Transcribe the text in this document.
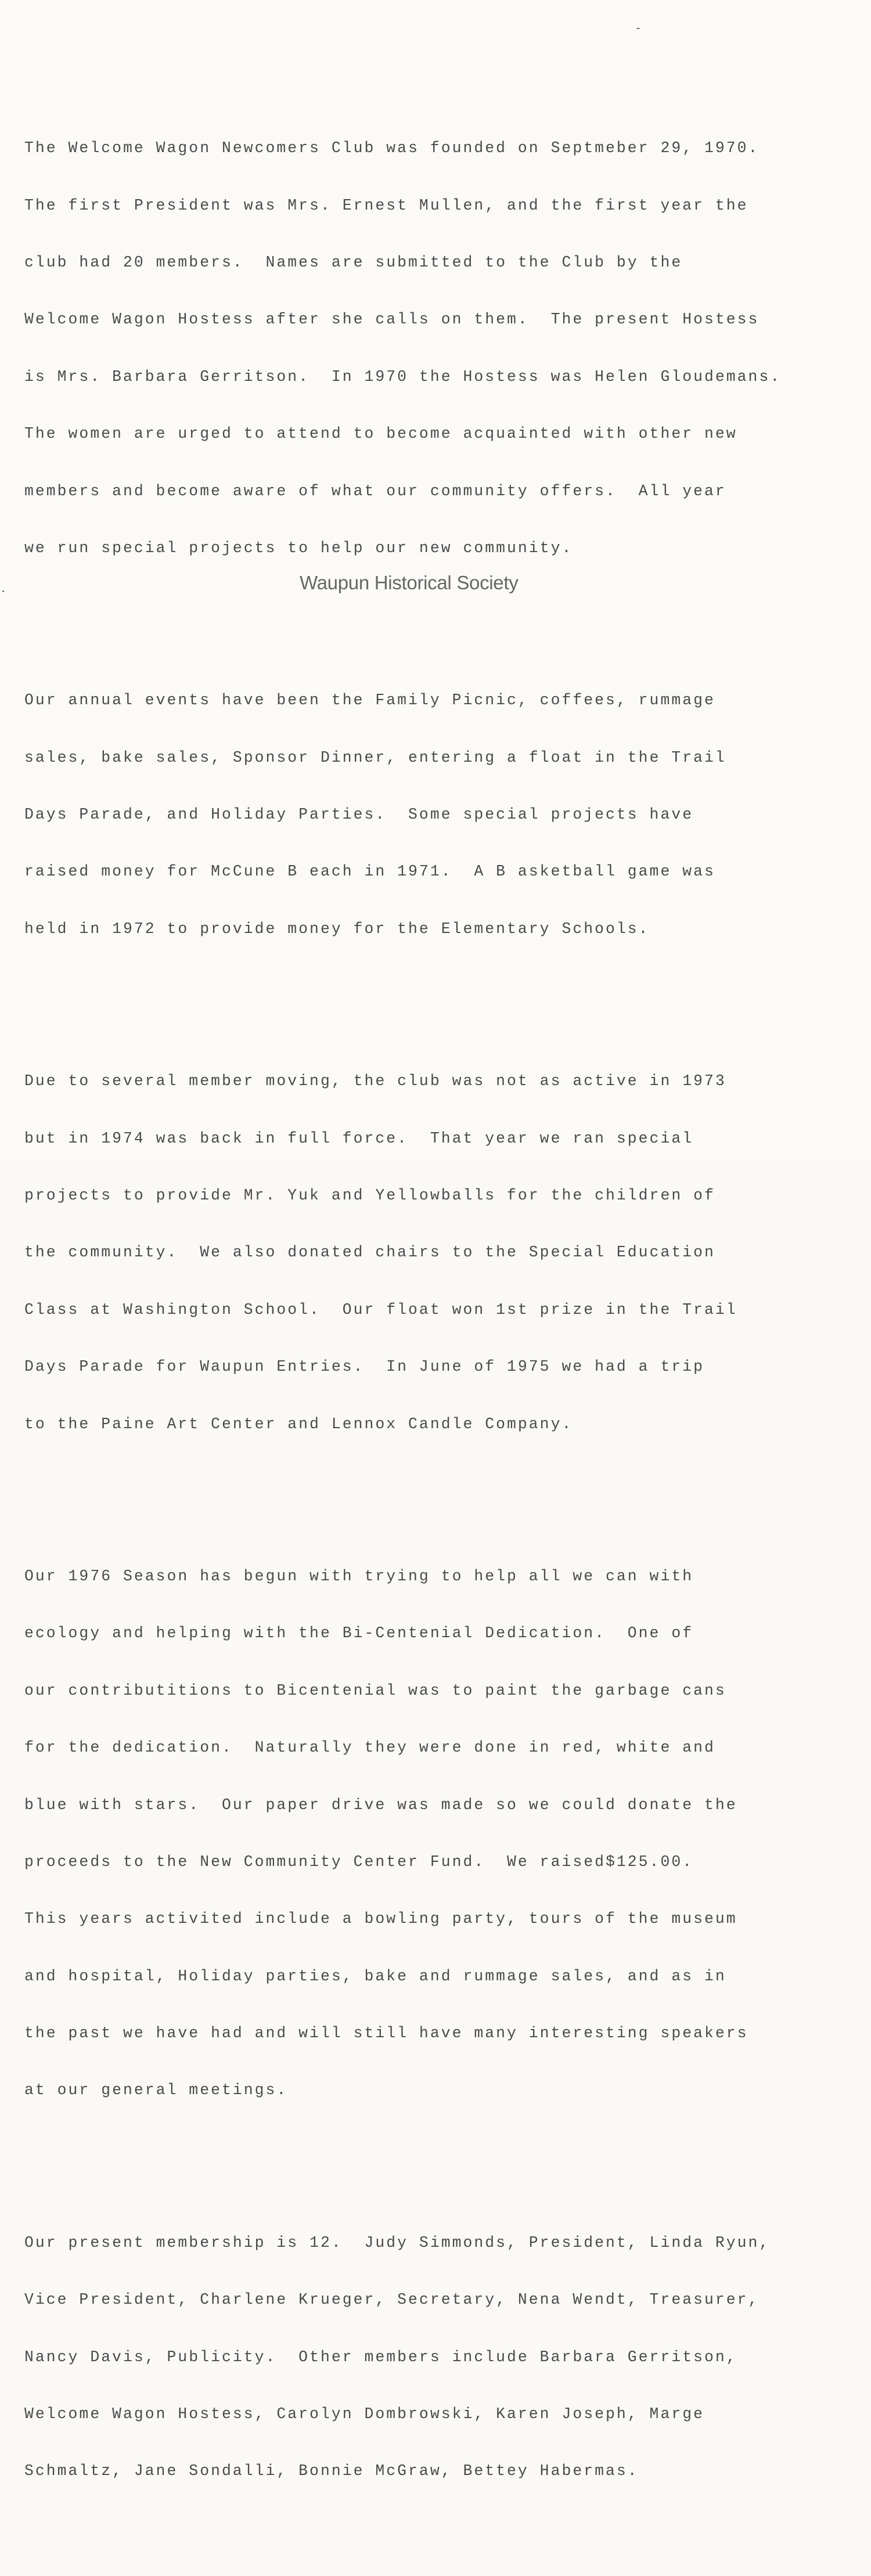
The Welcome Wagon Newcomers Club was founded on Septmeber 29, 1970.

The first President was Mrs. Ernest Mullen, and the first year the

club had 20 members.  Names are submitted to the Club by the

Welcome Wagon Hostess after she calls on them.  The present Hostess

is Mrs. Barbara Gerritson.  In 1970 the Hostess was Helen Gloudemans.

The women are urged to attend to become acquainted with other new

members and become aware of what our community offers.  All year

we run special projects to help our new community.

Our annual events have been the Family Picnic, coffees, rummage

sales, bake sales, Sponsor Dinner, entering a float in the Trail

Days Parade, and Holiday Parties.  Some special projects have

raised money for McCune B each in 1971.  A B asketball game was

held in 1972 to provide money for the Elementary Schools.

Due to several member moving, the club was not as active in 1973

but in 1974 was back in full force.  That year we ran special

projects to provide Mr. Yuk and Yellowballs for the children of

the community.  We also donated chairs to the Special Education

Class at Washington School.  Our float won 1st prize in the Trail

Days Parade for Waupun Entries.  In June of 1975 we had a trip

to the Paine Art Center and Lennox Candle Company.

Our 1976 Season has begun with trying to help all we can with

ecology and helping with the Bi-Centenial Dedication.  One of

our contributitions to Bicentenial was to paint the garbage cans

for the dedication.  Naturally they were done in red, white and

blue with stars.  Our paper drive was made so we could donate the

proceeds to the New Community Center Fund.  We raised$125.00.

This years activited include a bowling party, tours of the museum

and hospital, Holiday parties, bake and rummage sales, and as in

the past we have had and will still have many interesting speakers

at our general meetings.

Our present membership is 12.  Judy Simmonds, President, Linda Ryun,

Vice President, Charlene Krueger, Secretary, Nena Wendt, Treasurer,

Nancy Davis, Publicity.  Other members include Barbara Gerritson,

Welcome Wagon Hostess, Carolyn Dombrowski, Karen Joseph, Marge

Schmaltz, Jane Sondalli, Bonnie McGraw, Bettey Habermas.

Waupun Historical Society
